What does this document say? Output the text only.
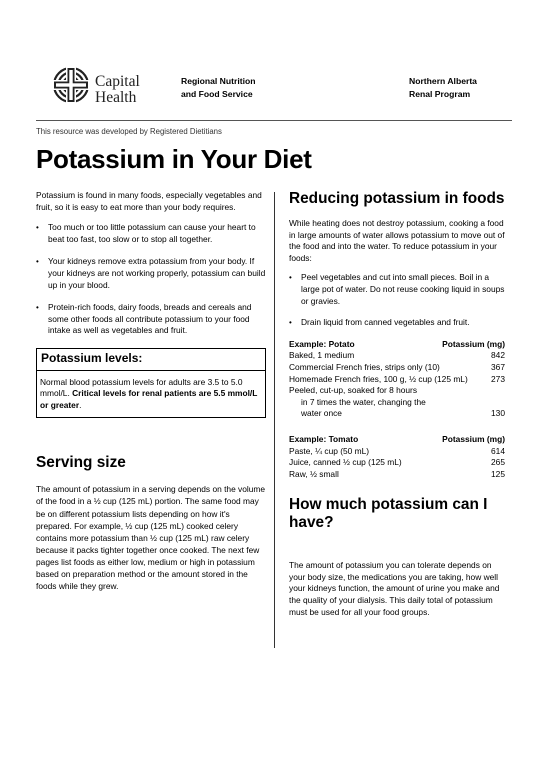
Capital
Health
Regional Nutrition
and Food Service
Northern Alberta
Renal Program
This resource was developed by Registered Dietitians
Potassium in Your Diet

Potassium is found in many foods, especially vegetables and fruit, so it is easy to eat more than your body requires.

• Too much or too little potassium can cause your heart to beat too fast, too slow or to stop all together.
• Your kidneys remove extra potassium from your body. If your kidneys are not working properly, potassium can build up in your blood.
• Protein-rich foods, dairy foods, breads and cereals and some other foods all contribute potassium to your food intake as well as vegetables and fruit.
Potassium levels:
Normal blood potassium levels for adults are 3.5 to 5.0 mmol/L. Critical levels for renal patients are 5.5 mmol/L or greater.
Serving size

The amount of potassium in a serving depends on the volume of the food in a ½ cup (125 mL) portion. The same food may be on different potassium lists depending on how it's prepared. For example, ½ cup (125 mL) cooked celery contains more potassium than ½ cup (125 mL) raw celery because it packs tighter together once cooked. The next few pages list foods as either low, medium or high in potassium based on preparation method or the amount stored in the foods while they grew.

Reducing potassium in foods

While heating does not destroy potassium, cooking a food in large amounts of water allows potassium to move out of the food and into the water. To reduce potassium in your foods:

• Peel vegetables and cut into small pieces. Boil in a large pot of water. Do not reuse cooking liquid in soups or gravies.
• Drain liquid from canned vegetables and fruit.
Example: Potato	Potassium (mg)
Baked, 1 medium	842
Commercial French fries, strips only (10)	367
Homemade French fries, 100 g, ½ cup (125 mL)	273
Peeled, cut-up, soaked for 8 hours
in 7 times the water, changing the
water once	130
Example: Tomato	Potassium (mg)
Paste, ¼ cup (50 mL)	614
Juice, canned ½ cup (125 mL)	265
Raw, ½ small	125
How much potassium can I have?

The amount of potassium you can tolerate depends on your body size, the medications you are taking, how well your kidneys function, the amount of urine you make and the quality of your dialysis. This daily total of potassium must be used for all your food groups.
